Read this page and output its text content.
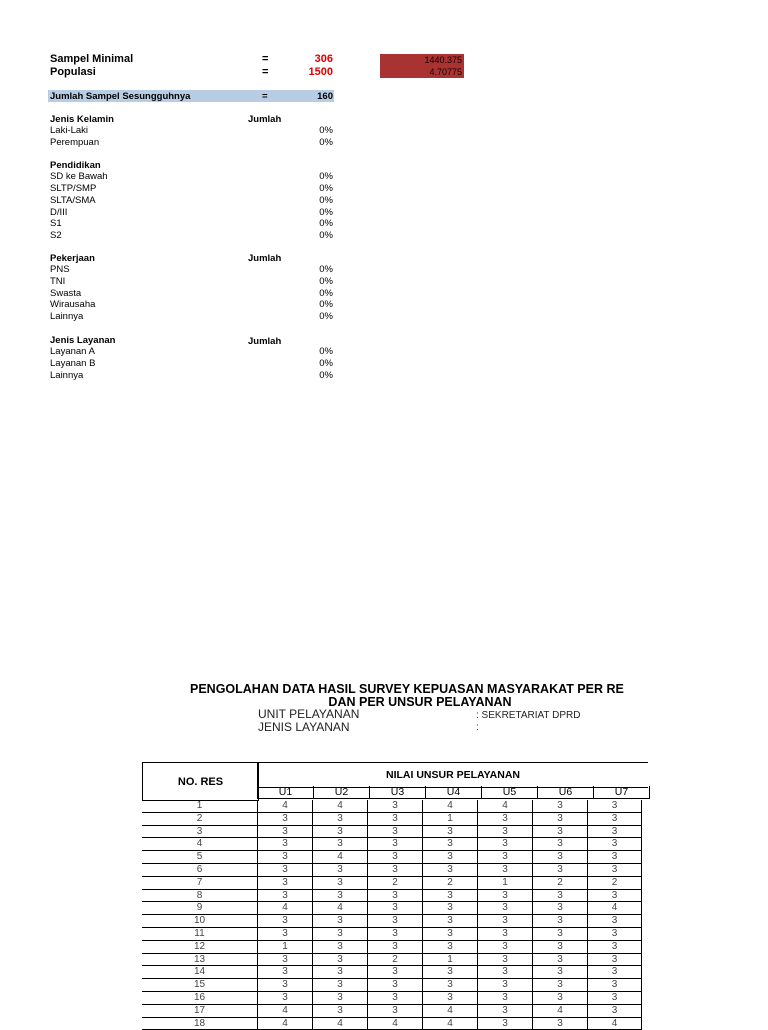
Sampel Minimal	=	306
Populasi	=	1500
1440.375
4.70775
Jumlah Sampel Sesungguhnya	=	160
Jenis Kelamin	Jumlah
Laki-Laki	0%
Perempuan	0%
Pendidikan
SD ke Bawah	0%
SLTP/SMP	0%
SLTA/SMA	0%
D/III	0%
S1	0%
S2	0%
Pekerjaan	Jumlah
PNS	0%
TNI	0%
Swasta	0%
Wirausaha	0%
Lainnya	0%
Jenis Layanan	Jumlah
Layanan A	0%
Layanan B	0%
Lainnya	0%
PENGOLAHAN DATA HASIL SURVEY KEPUASAN MASYARAKAT PER RE
DAN PER UNSUR PELAYANAN
UNIT PELAYANAN	: SEKRETARIAT DPRD
JENIS LAYANAN	:
NO. RES
NILAI UNSUR PELAYANAN
U1	U2	U3	U4	U5	U6	U7
1	4	4	3	4	4	3	3
2	3	3	3	1	3	3	3
3	3	3	3	3	3	3	3
4	3	3	3	3	3	3	3
5	3	4	3	3	3	3	3
6	3	3	3	3	3	3	3
7	3	3	2	2	1	2	2
8	3	3	3	3	3	3	3
9	4	4	3	3	3	3	4
10	3	3	3	3	3	3	3
11	3	3	3	3	3	3	3
12	1	3	3	3	3	3	3
13	3	3	2	1	3	3	3
14	3	3	3	3	3	3	3
15	3	3	3	3	3	3	3
16	3	3	3	3	3	3	3
17	4	3	3	4	3	4	3
18	4	4	4	4	3	3	4
